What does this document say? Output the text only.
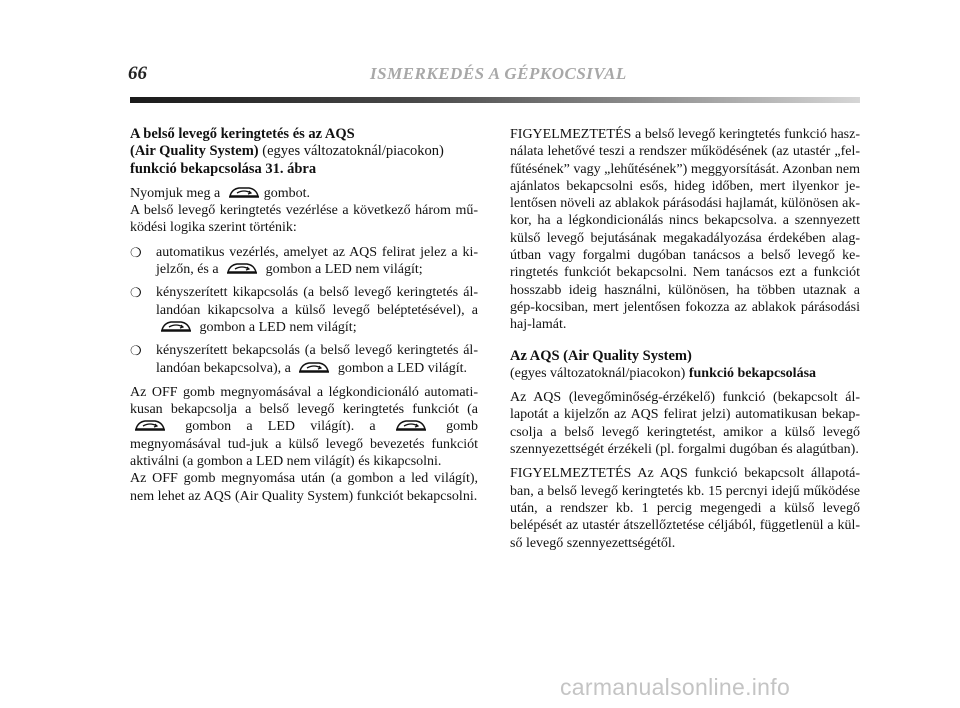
66	ISMERKEDÉS A GÉPKOCSIVAL

A belső levegő keringtetés és az AQS
(Air Quality System) (egyes változatoknál/piacokon)
funkció bekapcsolása 31. ábra

Nyomjuk meg a	gombot.
A belső levegő keringtetés vezérlése a következő három mű-ködési logika szerint történik:

❍ automatikus vezérlés, amelyet az AQS felirat jelez a ki-jelzőn, és a	gombon a LED nem világít;
❍ kényszerített kikapcsolás (a belső levegő keringtetés ál-landóan kikapcsolva a külső levegő beléptetésével), a
gombon a LED nem világít;
❍ kényszerített bekapcsolás (a belső levegő keringtetés ál-landóan bekapcsolva), a	gombon a LED világít.

Az OFF gomb megnyomásával a légkondicionáló automati-kusan bekapcsolja a belső levegő keringtetés funkciót (a
gombon a LED világít). a	gomb megnyomásával tud-juk a külső levegő bevezetés funkciót aktiválni (a gombon a LED nem világít) és kikapcsolni.
Az OFF gomb megnyomása után (a gombon a led világít), nem lehet az AQS (Air Quality System) funkciót bekapcsolni.

FIGYELMEZTETÉS a belső levegő keringtetés funkció hasz-nálata lehetővé teszi a rendszer működésének (az utastér „fel-fűtésének” vagy „lehűtésének”) meggyorsítását. Azonban nem ajánlatos bekapcsolni esős, hideg időben, mert ilyenkor je-lentősen növeli az ablakok párásodási hajlamát, különösen ak-kor, ha a légkondicionálás nincs bekapcsolva. a szennyezett külső levegő bejutásának megakadályozása érdekében alag-útban vagy forgalmi dugóban tanácsos a belső levegő ke-ringtetés funkciót bekapcsolni. Nem tanácsos ezt a funkciót hosszabb ideig használni, különösen, ha többen utaznak a gép-kocsiban, mert jelentősen fokozza az ablakok párásodási haj-lamát.

Az AQS (Air Quality System)
(egyes változatoknál/piacokon) funkció bekapcsolása

Az AQS (levegőminőség-érzékelő) funkció (bekapcsolt ál-lapotát a kijelzőn az AQS felirat jelzi) automatikusan bekap-csolja a belső levegő keringtetést, amikor a külső levegő szennyezettségét érzékeli (pl. forgalmi dugóban és alagútban).

FIGYELMEZTETÉS Az AQS funkció bekapcsolt állapotá-ban, a belső levegő keringtetés kb. 15 percnyi idejű működése után, a rendszer kb. 1 percig megengedi a külső levegő belépését az utastér átszellőztetése céljából, függetlenül a kül-ső levegő szennyezettségétől.

carmanualsonline.info
